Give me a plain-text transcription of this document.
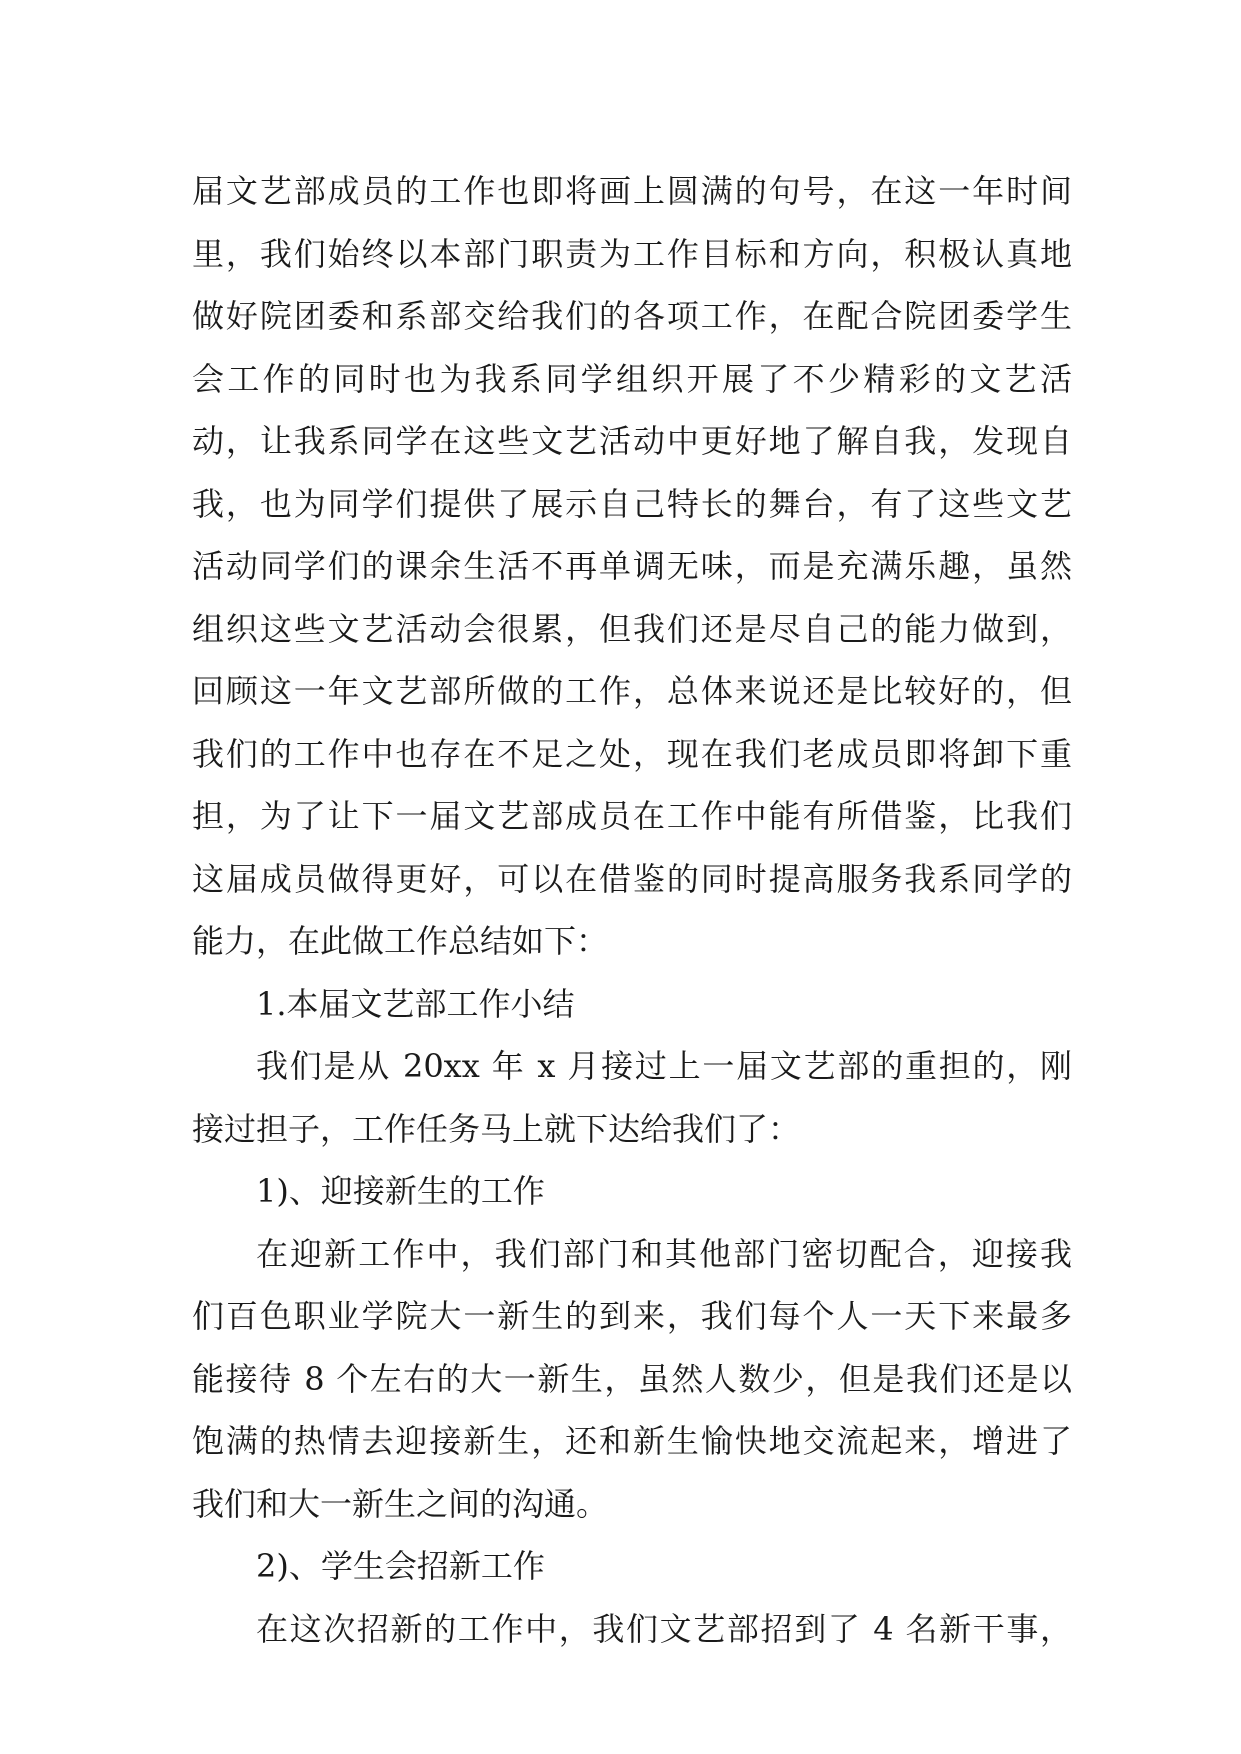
届文艺部成员的工作也即将画上圆满的句号，在这一年时间
里，我们始终以本部门职责为工作目标和方向，积极认真地
做好院团委和系部交给我们的各项工作，在配合院团委学生
会工作的同时也为我系同学组织开展了不少精彩的文艺活
动，让我系同学在这些文艺活动中更好地了解自我，发现自
我，也为同学们提供了展示自己特长的舞台，有了这些文艺
活动同学们的课余生活不再单调无味，而是充满乐趣，虽然
组织这些文艺活动会很累，但我们还是尽自己的能力做到，
回顾这一年文艺部所做的工作，总体来说还是比较好的，但
我们的工作中也存在不足之处，现在我们老成员即将卸下重
担，为了让下一届文艺部成员在工作中能有所借鉴，比我们
这届成员做得更好，可以在借鉴的同时提高服务我系同学的
能力，在此做工作总结如下：
1.本届文艺部工作小结
我们是从 20xx 年 x 月接过上一届文艺部的重担的，刚
接过担子，工作任务马上就下达给我们了：
1)、迎接新生的工作
在迎新工作中，我们部门和其他部门密切配合，迎接我
们百色职业学院大一新生的到来，我们每个人一天下来最多
能接待 8 个左右的大一新生，虽然人数少，但是我们还是以
饱满的热情去迎接新生，还和新生愉快地交流起来，增进了
我们和大一新生之间的沟通。
2)、学生会招新工作
在这次招新的工作中，我们文艺部招到了 4 名新干事，
